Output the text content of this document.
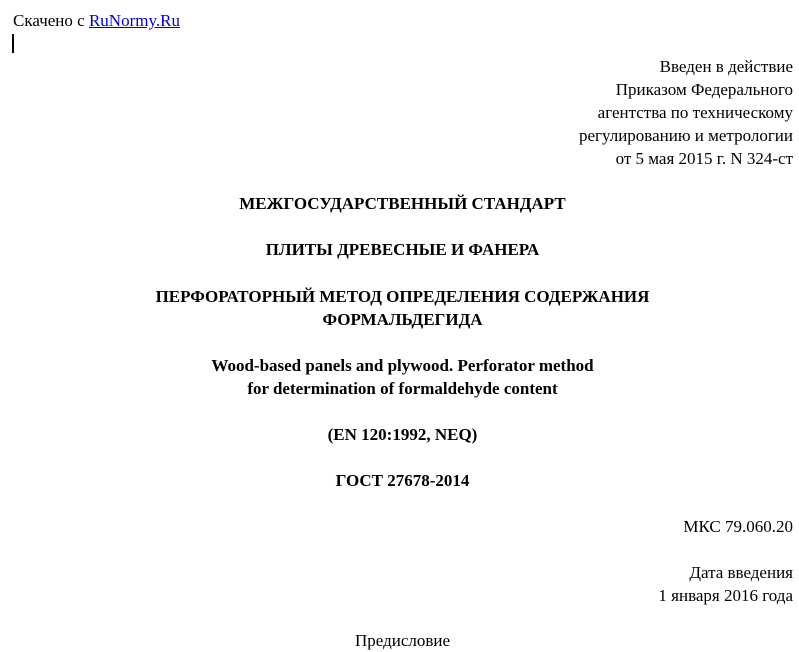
Скачено с RuNormy.Ru
Введен в действие
Приказом Федерального
агентства по техническому
регулированию и метрологии
от 5 мая 2015 г. N 324-ст
МЕЖГОСУДАРСТВЕННЫЙ СТАНДАРТ
ПЛИТЫ ДРЕВЕСНЫЕ И ФАНЕРА
ПЕРФОРАТОРНЫЙ МЕТОД ОПРЕДЕЛЕНИЯ СОДЕРЖАНИЯ
ФОРМАЛЬДЕГИДА
Wood-based panels and plywood. Perforator method
for determination of formaldehyde content
(EN 120:1992, NEQ)
ГОСТ 27678-2014
МКС 79.060.20
Дата введения
1 января 2016 года
Предисловие
